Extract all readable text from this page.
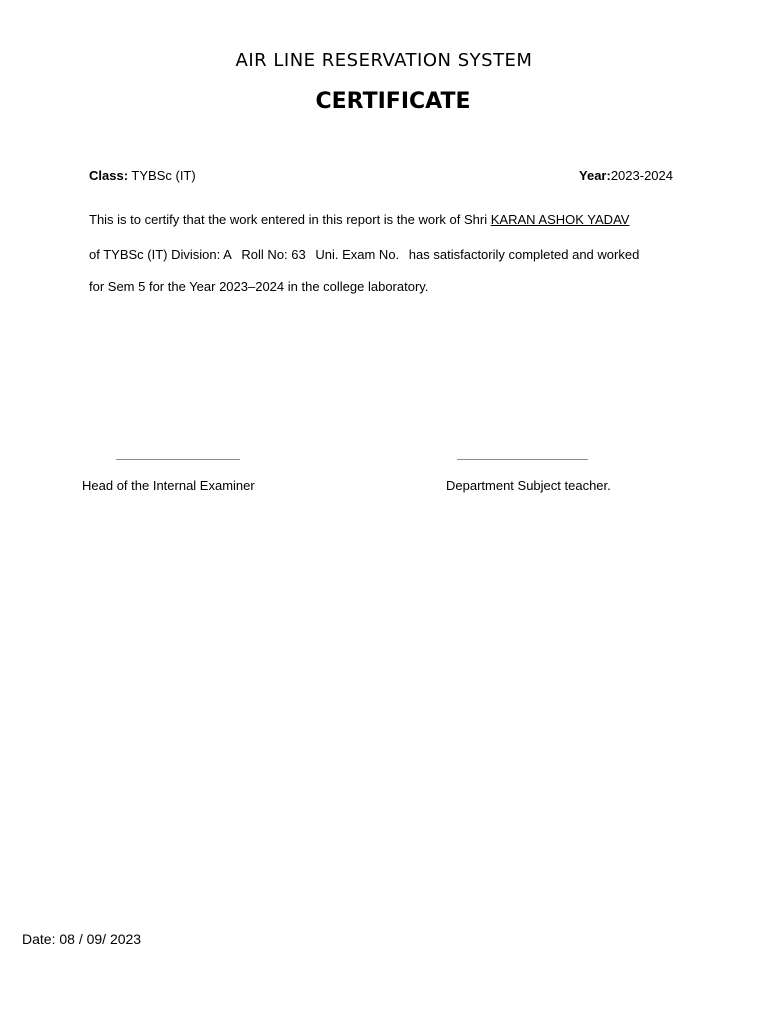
AIR LINE RESERVATION SYSTEM
CERTIFICATE
Class: TYBSc (IT)	Year:2023-2024
This is to certify that the work entered in this report is the work of Shri KARAN ASHOK YADAV
of TYBSc (IT) Division: A Roll No: 63 Uni. Exam No. has satisfactorily completed and worked
for Sem 5 for the Year 2023–2024 in the college laboratory.
Head of the Internal Examiner	Department Subject teacher.
Date: 08 / 09/ 2023
